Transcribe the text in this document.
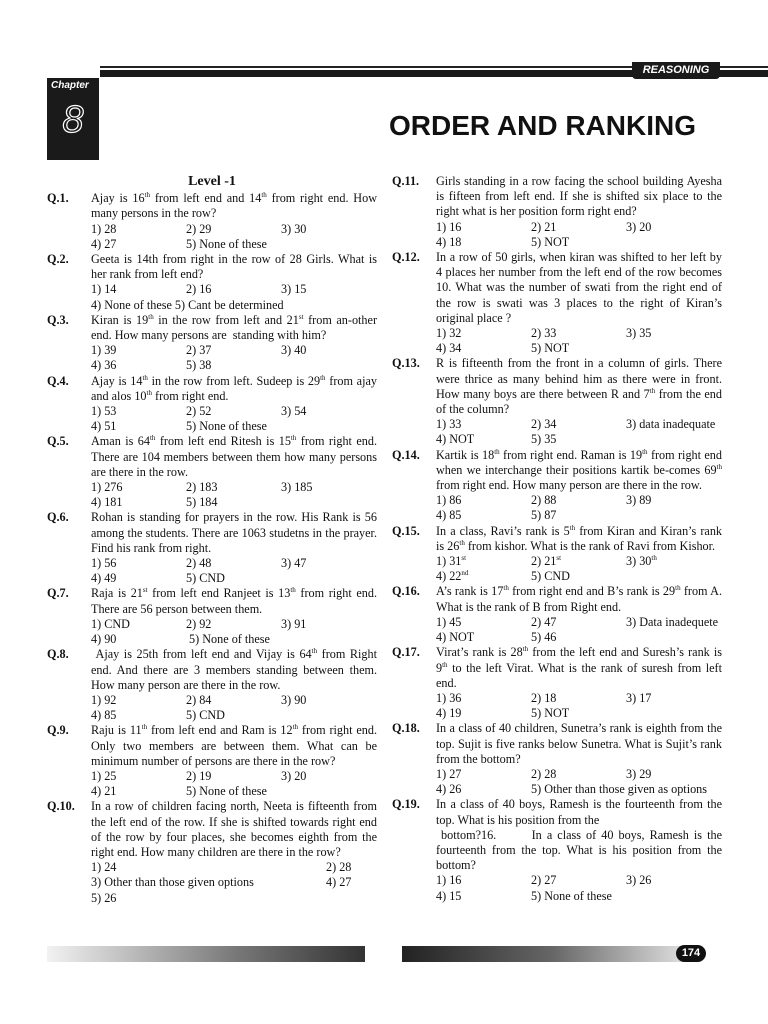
REASONING
Chapter
8	ORDER AND RANKING
Level -1
Q.1. Ajay is 16th from left end and 14th from right end. How many persons in the row?
1) 28	2) 29	3) 30
4) 27	5) None of these
Q.2. Geeta is 14th from right in the row of 28 Girls. What is her rank from left end?
1) 14	2) 16	3) 15
4) None of these 5) Cant be determined
Q.3. Kiran is 19th in the row from left and 21st from an-other end. How many persons are  standing with him?
1) 39	2) 37	3) 40
4) 36	5) 38
Q.4. Ajay is 14th in the row from left. Sudeep is 29th from ajay and alos 10th from right end.
1) 53	2) 52	3) 54
4) 51	5) None of these
Q.5. Aman is 64th from left end Ritesh is 15th from right end. There are 104 members between them how many persons are there in the row.
1) 276	2) 183	3) 185
4) 181	5) 184
Q.6. Rohan is standing for prayers in the row. His Rank is 56 among the students. There are 1063 studetns in the prayer. Find his rank from right.
1) 56	2) 48	3) 47
4) 49	5) CND
Q.7. Raja is 21st from left end Ranjeet is 13th from right end. There are 56 person between them.
1) CND	2) 92	3) 91
4) 90	5) None of these
Q.8. Ajay is 25th from left end and Vijay is 64th from Right end. And there are 3 members standing between them. How many person are there in the row.
1) 92	2) 84	3) 90
4) 85	5) CND
Q.9. Raju is 11th from left end and Ram is 12th from right end. Only two members are between them. What can be minimum number of persons are there in the row?
1) 25	2) 19	3) 20
4) 21	5) None of these
Q.10. In a row of children facing north, Neeta is fifteenth from the left end of the row. If she is shifted towards right end of the row by four places, she becomes eighth from the right end. How many children are there in the row?
1) 24	2) 28
3) Other than those given options	4) 27
5) 26
Q.11. Girls standing in a row facing the school building Ayesha is fifteen from left end. If she is shifted six place to the right what is her position form right end?
1) 16	2) 21	3) 20
4) 18	5) NOT
Q.12. In a row of 50 girls, when kiran was shifted to her left by 4 places her number from the left end of the row becomes 10. What was the number of swati from the right end of the row is swati was 3 places to the right of Kiran’s original place ?
1) 32	2) 33	3) 35
4) 34	5) NOT
Q.13. R is fifteenth from the front in a column of girls. There were thrice as many behind him as there were in front. How many boys are there between R and 7th from the end of the column?
1) 33	2) 34	3) data inadequate
4) NOT	5) 35
Q.14. Kartik is 18th from right end. Raman is 19th from right end when we interchange their positions kartik be-comes 69th from right end. How many person are there in the row.
1) 86	2) 88	3) 89
4) 85	5) 87
Q.15. In a class, Ravi’s rank is 5th from Kiran and Kiran’s rank is 26th from kishor. What is the rank of Ravi from Kishor.
1) 31st	2) 21st	3) 30th
4) 22nd	5) CND
Q.16. A’s rank is 17th from right end and B’s rank is 29th from A. What is the rank of B from Right end.
1) 45	2) 47	3) Data inadequete
4) NOT	5) 46
Q.17. Virat’s rank is 28th from the left end and Suresh’s rank is 9th to the left Virat. What is the rank of suresh from left end.
1) 36	2) 18	3) 17
4) 19	5) NOT
Q.18. In a class of 40 children, Sunetra’s rank is eighth from the top. Sujit is five ranks below Sunetra. What is Sujit’s rank from the bottom?
1) 27	2) 28	3) 29
4) 26	5) Other than those given as options
Q.19. In a class of 40 boys, Ramesh is the fourteenth from the top. What is his position from the
bottom?16.       In a class of 40 boys, Ramesh is the fourteenth from the top. What is his position from the bottom?
1) 16	2) 27	3) 26
4) 15	5) None of these
174
